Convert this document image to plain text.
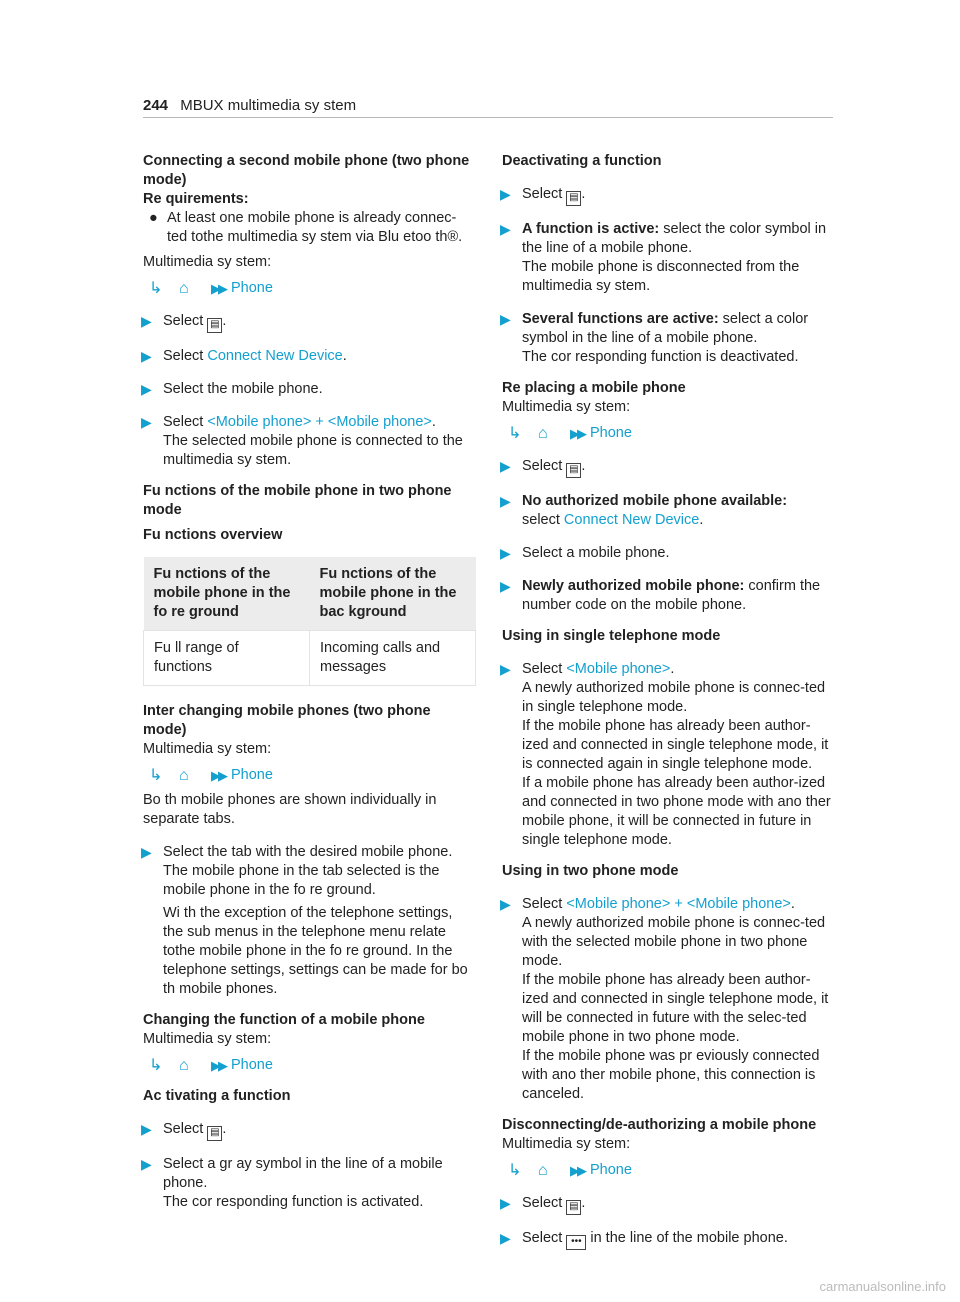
244 MBUX multimedia sy stem

Connecting a second mobile phone (two phone mode)

Re quirements:

● At least one mobile phone is already connec-ted tothe multimedia sy stem via Blu etoo th®.

Multimedia sy stem:

↳	⌂	▶▶ Phone
▶ Select ▤ .
▶ Select Connect New Device.
▶ Select the mobile phone.
▶ Select <Mobile phone> + <Mobile phone>.
The selected mobile phone is connected to the multimedia sy stem.

Fu nctions of the mobile phone in two phone mode

Fu nctions overview

Fu nctions of the mobile phone in the fo re ground	Fu nctions of the mobile phone in the bac kground
Fu ll range of functions	Incoming calls and messages

Inter changing mobile phones (two phone mode)

Multimedia sy stem:

↳	⌂	▶▶ Phone

Bo th mobile phones are shown individually in separate tabs.

▶ Select the tab with the desired mobile phone.
The mobile phone in the tab selected is the mobile phone in the fo re ground.
Wi th the exception of the telephone settings, the sub menus in the telephone menu relate tothe mobile phone in the fo re ground. In the telephone settings, settings can be made for bo th mobile phones.

Changing the function of a mobile phone

Multimedia sy stem:

↳	⌂	▶▶ Phone

Ac tivating a function

▶ Select ▤ .
▶ Select a gr ay symbol in the line of a mobile phone.
The cor responding function is activated.

Deactivating a function

▶ Select ▤ .
▶ A function is active: select the color symbol in the line of a mobile phone.
The mobile phone is disconnected from the multimedia sy stem.
▶ Several functions are active: select a color symbol in the line of a mobile phone.
The cor responding function is deactivated.

Re placing a mobile phone

Multimedia sy stem:

↳	⌂	▶▶ Phone
▶ Select ▤ .
▶ No authorized mobile phone available:
select Connect New Device.
▶ Select a mobile phone.
▶ Newly authorized mobile phone: confirm the number code on the mobile phone.

Using in single telephone mode

▶ Select <Mobile phone>.
A newly authorized mobile phone is connec-ted in single telephone mode.
If the mobile phone has already been author-ized and connected in single telephone mode, it is connected again in single telephone mode.
If a mobile phone has already been author-ized and connected in two phone mode with ano ther mobile phone, it will be connected in future in single telephone mode.

Using in two phone mode

▶ Select <Mobile phone> + <Mobile phone>.
A newly authorized mobile phone is connec-ted with the selected mobile phone in two phone mode.
If the mobile phone has already been author-ized and connected in single telephone mode, it will be connected in future with the selec-ted mobile phone in two phone mode.
If the mobile phone was pr eviously connected with ano ther mobile phone, this connection is canceled.

Disconnecting/de-authorizing a mobile phone

Multimedia sy stem:

↳	⌂	▶▶ Phone
▶ Select ▤ .
▶ Select ••• in the line of the mobile phone.
carmanualsonline.info
